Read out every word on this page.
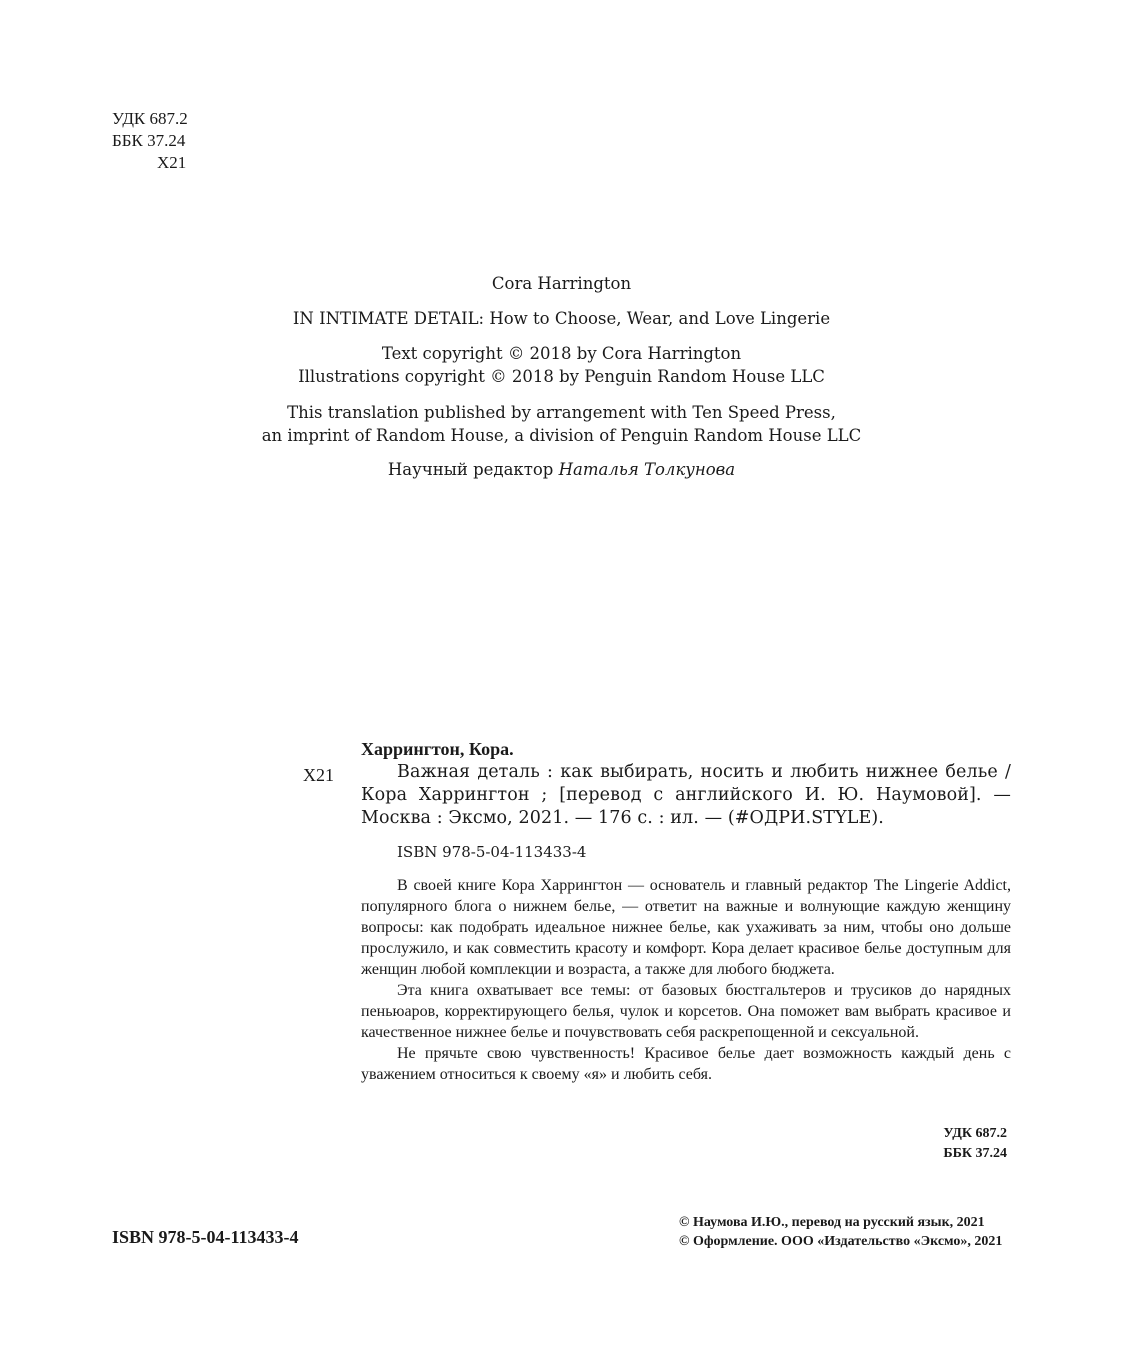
УДК 687.2
ББК 37.24
Х21
Cora Harrington
IN INTIMATE DETAIL: How to Choose, Wear, and Love Lingerie
Text copyright © 2018 by Cora Harrington
Illustrations copyright © 2018 by Penguin Random House LLC
This translation published by arrangement with Ten Speed Press,
an imprint of Random House, a division of Penguin Random House LLC
Научный редактор Наталья Толкунова
Харрингтон, Кора.
Х21	Важная деталь : как выбирать, носить и любить нижнее белье / Кора Харрингтон ; [перевод с английского И. Ю. Наумовой]. — Москва : Эксмо, 2021. — 176 с. : ил. — (#ОДРИ.STYLE).
ISBN 978-5-04-113433-4

В своей книге Кора Харрингтон — основатель и главный редактор The Lingerie Addict, популярного блога о нижнем белье, — ответит на важные и волнующие каждую женщину вопросы: как подобрать идеальное нижнее белье, как ухаживать за ним, чтобы оно дольше прослужило, и как совместить красоту и комфорт. Кора делает красивое белье доступным для женщин любой комплекции и возраста, а также для любого бюджета.

Эта книга охватывает все темы: от базовых бюстгальтеров и трусиков до нарядных пеньюаров, корректирующего белья, чулок и корсетов. Она поможет вам выбрать красивое и качественное нижнее белье и почувствовать себя раскрепощенной и сексуальной.

Не прячьте свою чувственность! Красивое белье дает возможность каждый день с уважением относиться к своему «я» и любить себя.

УДК 687.2
ББК 37.24
ISBN 978-5-04-113433-4
© Наумова И.Ю., перевод на русский язык, 2021
© Оформление. ООО «Издательство «Эксмо», 2021
